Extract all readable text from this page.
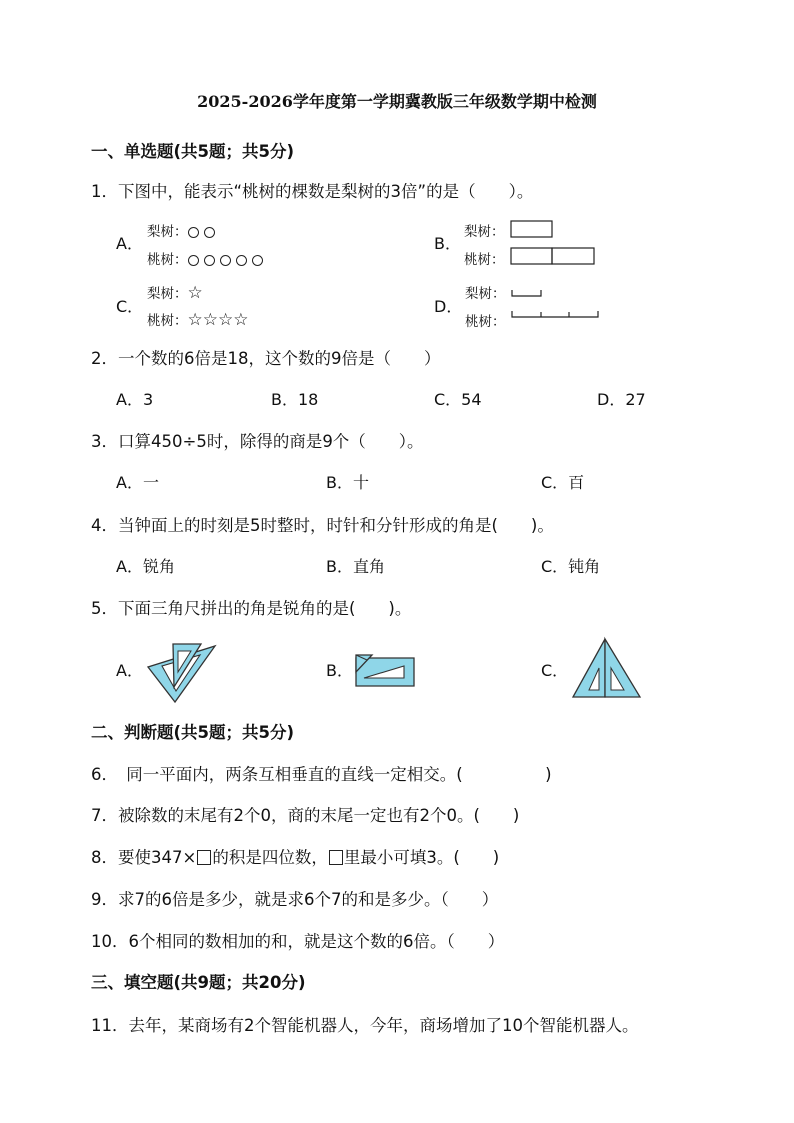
2025-2026学年度第一学期冀教版三年级数学期中检测
一、单选题(共5题；共5分)
1．下图中，能表示“桃树的棵数是梨树的3倍”的是（　　）。
A．
梨树：
桃树：
B．
梨树：
桃树：
C．
梨树：☆
桃树：☆☆☆☆
D．
梨树：
桃树：
2．一个数的6倍是18，这个数的9倍是（　　）
A．3	B．18	C．54	D．27
3．口算450÷5时，除得的商是9个（　　）。
A．一	B．十	C．百
4．当钟面上的时刻是5时整时，时针和分针形成的角是(　　)。
A．锐角	B．直角	C．钝角
5．下面三角尺拼出的角是锐角的是(　　)。
A．	B．	C．
二、判断题(共5题；共5分)
6．　同一平面内，两条互相垂直的直线一定相交。(　　　　　)
7．被除数的末尾有2个0，商的末尾一定也有2个0。(　　)
8．要使347× 的积是四位数， 里最小可填3。(　　)
9．求7的6倍是多少，就是求6个7的和是多少。（　　）
10．6个相同的数相加的和，就是这个数的6倍。（　　）
三、填空题(共9题；共20分)
11．去年，某商场有2个智能机器人，今年，商场增加了10个智能机器人。
